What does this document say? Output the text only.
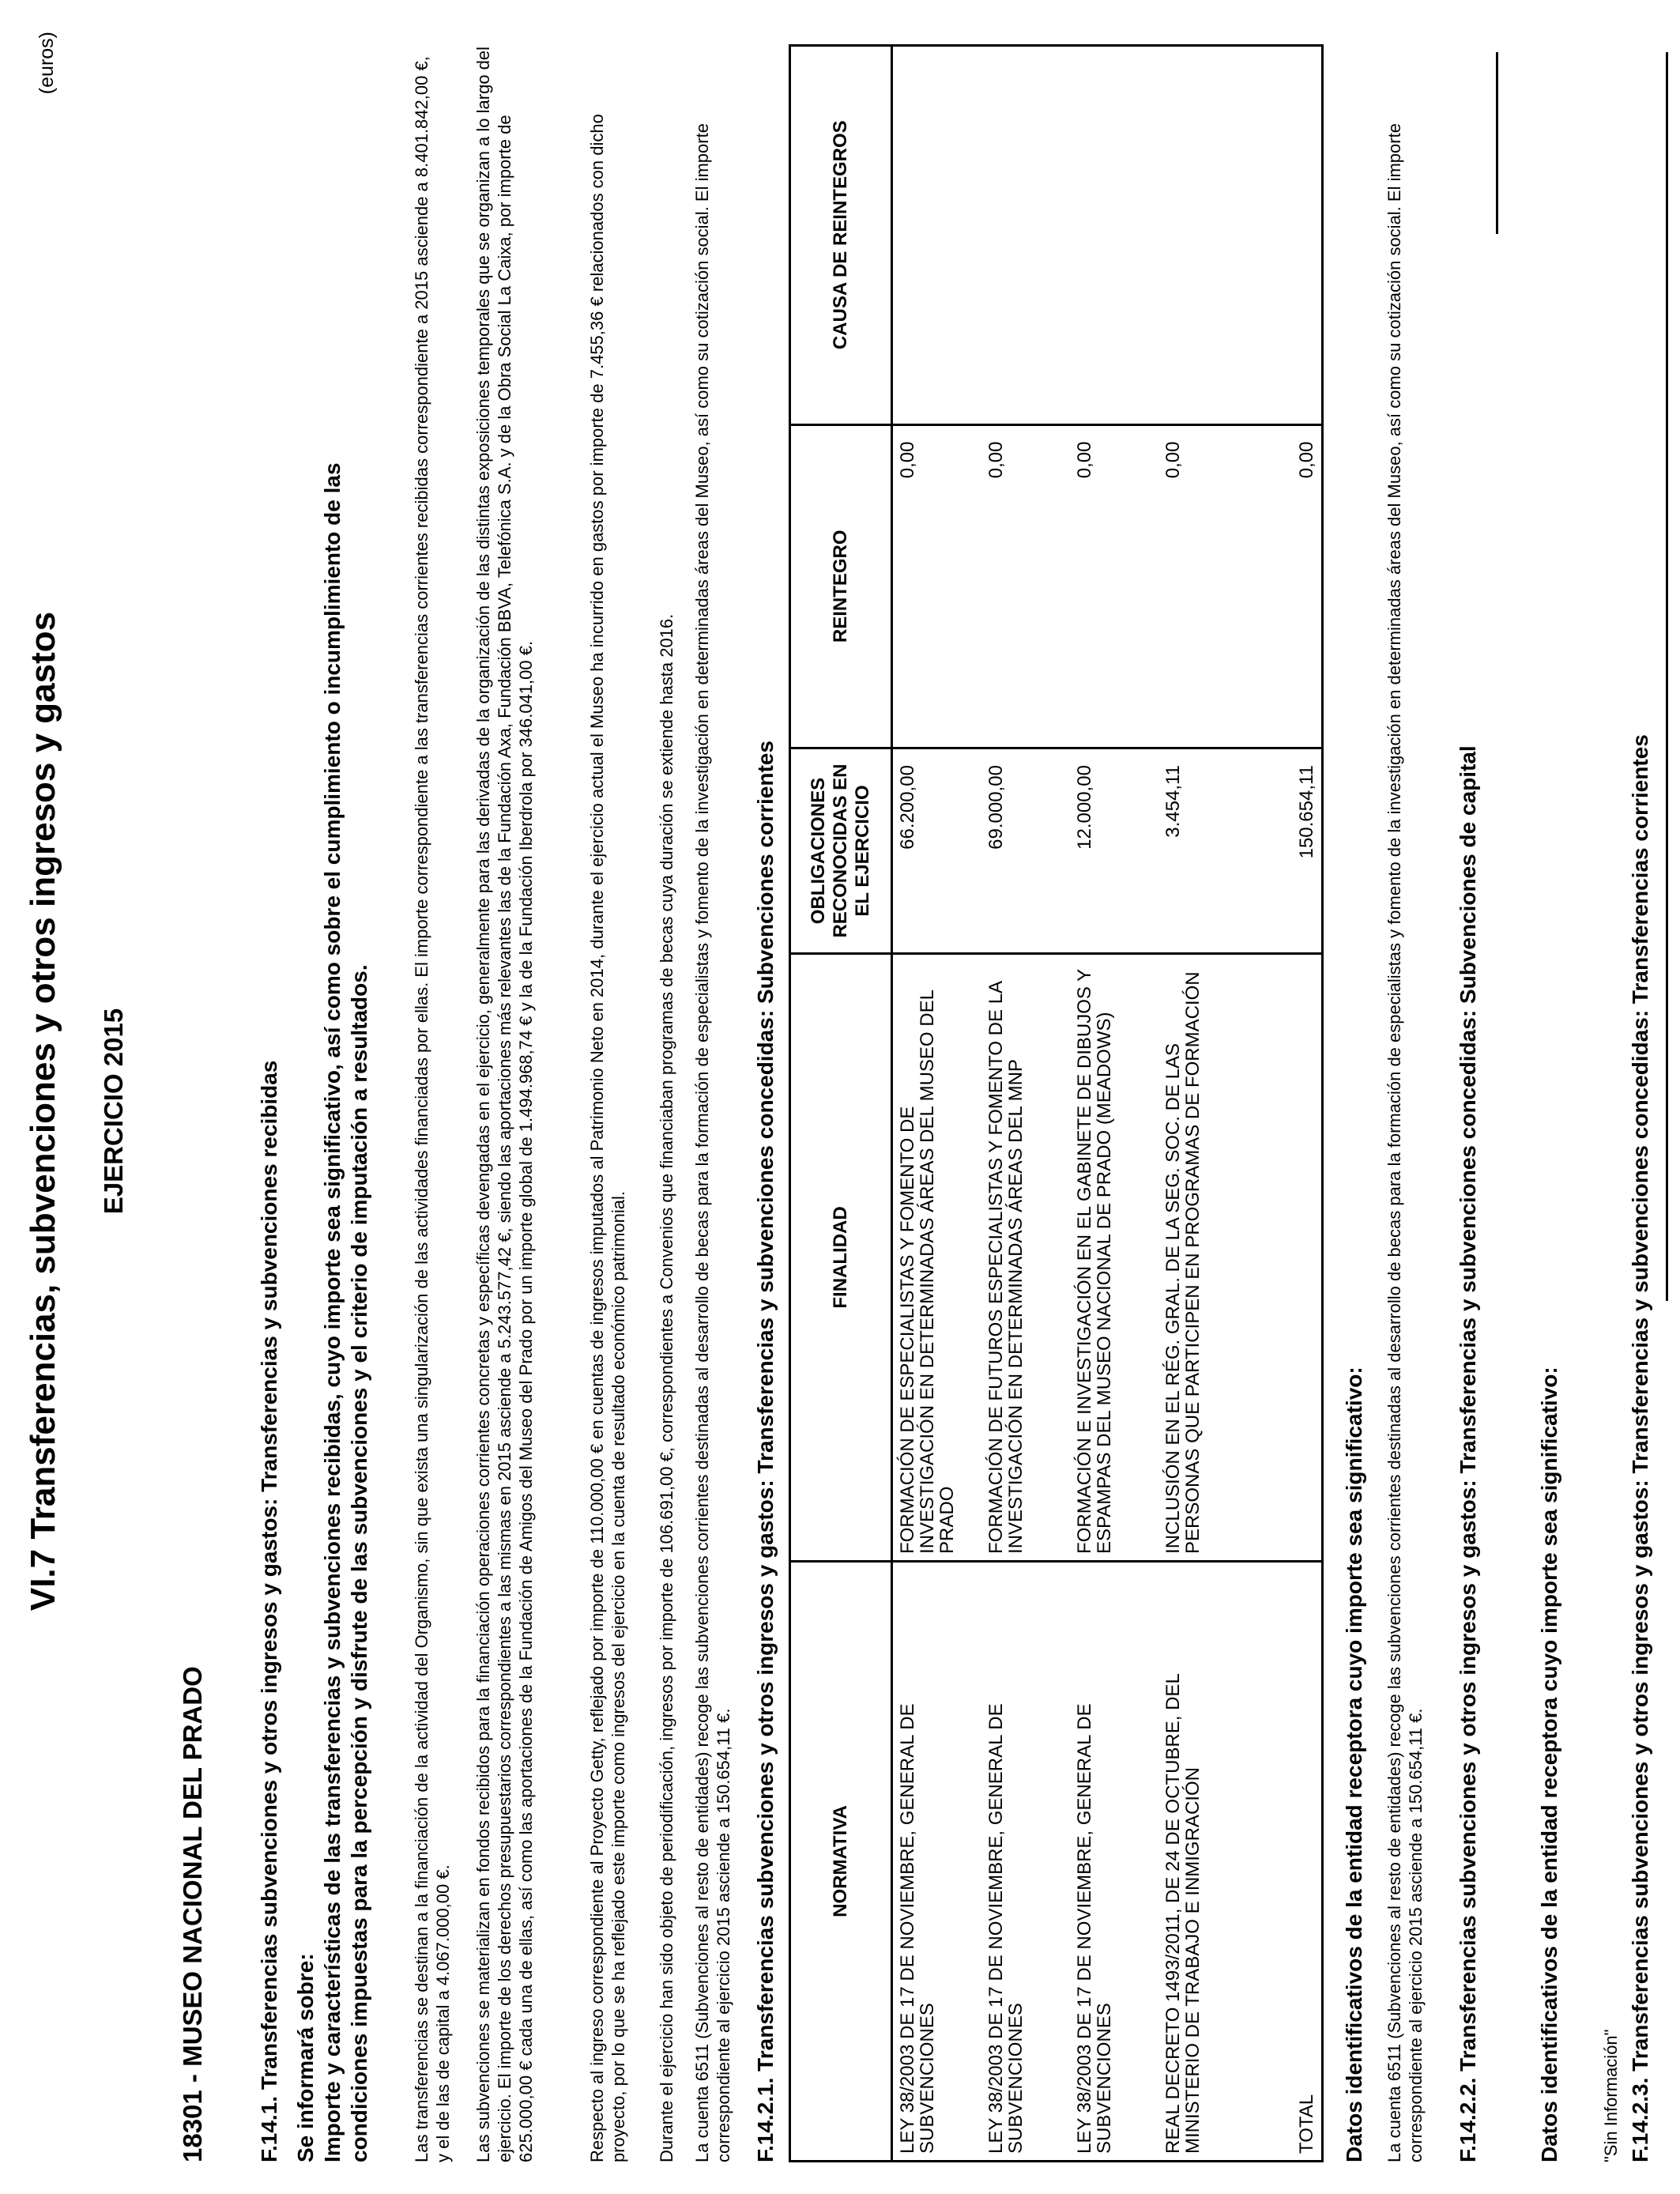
VI.7 Transferencias, subvenciones y otros ingresos y gastos
(euros)
EJERCICIO 2015
18301 - MUSEO NACIONAL DEL PRADO F.14.1. Transferencias subvenciones y otros ingresos y gastos: Transferencias y subvenciones recibidas Se informará sobre: Importe y características de las transferencias y subvenciones recibidas, cuyo importe sea significativo, así como sobre el cumplimiento o incumplimiento de las condiciones impuestas para la percepción y disfrute de las subvenciones y el criterio de imputación a resultados. Las transferencias se destinan a la financiación de la actividad del Organismo, sin que exista una singularización de las actividades financiadas por ellas. El importe correspondiente a las transferencias corrientes recibidas correspondiente a 2015 asciende a 8.401.842,00 €, y el de las de capital a 4.067.000,00 €. Las subvenciones se materializan en fondos recibidos para la financiación operaciones corrientes concretas y específicas devengadas en el ejercicio, generalmente para las derivadas de la organización de las distintas exposiciones temporales que se organizan a lo largo del ejercicio. El importe de los derechos presupuestarios correspondientes a las mismas en 2015 asciende a 5.243.577,42 €, siendo las aportaciones más relevantes las de la Fundación Axa, Fundación BBVA, Telefónica S.A. y de la Obra Social La Caixa, por importe de 625.000,00 € cada una de ellas, así como las aportaciones de la Fundación de Amigos del Museo del Prado por un importe global de 1.494.968,74 € y la de la Fundación Iberdrola por 346.041,00 €.	Respecto al ingreso correspondiente al Proyecto Getty, reflejado por importe de 110.000,00 € en cuentas de ingresos imputados al Patrimonio Neto en 2014, durante el ejercicio actual el Museo ha incurrido en gastos por importe de 7.455,36 € relacionados con dicho proyecto, por lo que se ha reflejado este importe como ingresos del ejercicio en la cuenta de resultado económico patrimonial. Durante el ejercicio han sido objeto de periodificación, ingresos por importe de 106.691,00 €, correspondientes a Convenios que financiaban programas de becas cuya duración se extiende hasta 2016. La cuenta 6511 (Subvenciones al resto de entidades) recoge las subvenciones corrientes destinadas al desarrollo de becas para la formación de especialistas y fomento de la investigación en determinadas áreas del Museo, así como su cotización social. El importe correspondiente al ejercicio 2015 asciende a 150.654,11 €. F.14.2.1. Transferencias subvenciones y otros ingresos y gastos: Transferencias y subvenciones concedidas: Subvenciones corrientes	NORMATIVA	FINALIDAD	OBLIGACIONES RECONOCIDAS EN EL EJERCICIO	REINTEGRO	CAUSA DE REINTEGROS
LEY 38/2003 DE 17 DE NOVIEMBRE, GENERAL DE SUBVENCIONES	FORMACIÓN DE ESPECIALISTAS Y FOMENTO DE INVESTIGACIÓN EN DETERMINADAS ÁREAS DEL MUSEO DEL PRADO	66.200,00	0,00	
LEY 38/2003 DE 17 DE NOVIEMBRE, GENERAL DE SUBVENCIONES	FORMACIÓN DE FUTUROS ESPECIALISTAS Y FOMENTO DE LA INVESTIGACIÓN EN DETERMINADAS ÁREAS DEL MNP	69.000,00	0,00	
LEY 38/2003 DE 17 DE NOVIEMBRE, GENERAL DE SUBVENCIONES	FORMACIÓN E INVESTIGACIÓN EN EL GABINETE DE DIBUJOS Y ESPAMPAS DEL MUSEO NACIONAL DE PRADO (MEADOWS)	12.000,00	0,00	
REAL DECRETO 1493/2011, DE 24 DE OCTUBRE, DEL MINISTERIO DE TRABAJO E INMIGRACIÓN	INCLUSIÓN EN EL RÉG. GRAL. DE LA SEG. SOC. DE LAS PERSONAS QUE PARTICIPEN EN PROGRAMAS DE FORMACIÓN	3.454,11	0,00	
TOTAL		150.654,11	0,00	
Datos identificativos de la entidad receptora cuyo importe sea significativo: La cuenta 6511 (Subvenciones al resto de entidades) recoge las subvenciones corrientes destinadas al desarrollo de becas para la formación de especialistas y fomento de la investigación en determinadas áreas del Museo, así como su cotización social. El importe correspondiente al ejercicio 2015 asciende a 150.654,11 €. F.14.2.2. Transferencias subvenciones y otros ingresos y gastos: Transferencias y subvenciones concedidas: Subvenciones de capital	Datos identificativos de la entidad receptora cuyo importe sea significativo: "Sin Información" F.14.2.3. Transferencias subvenciones y otros ingresos y gastos: Transferencias y subvenciones concedidas: Transferencias corrientes
